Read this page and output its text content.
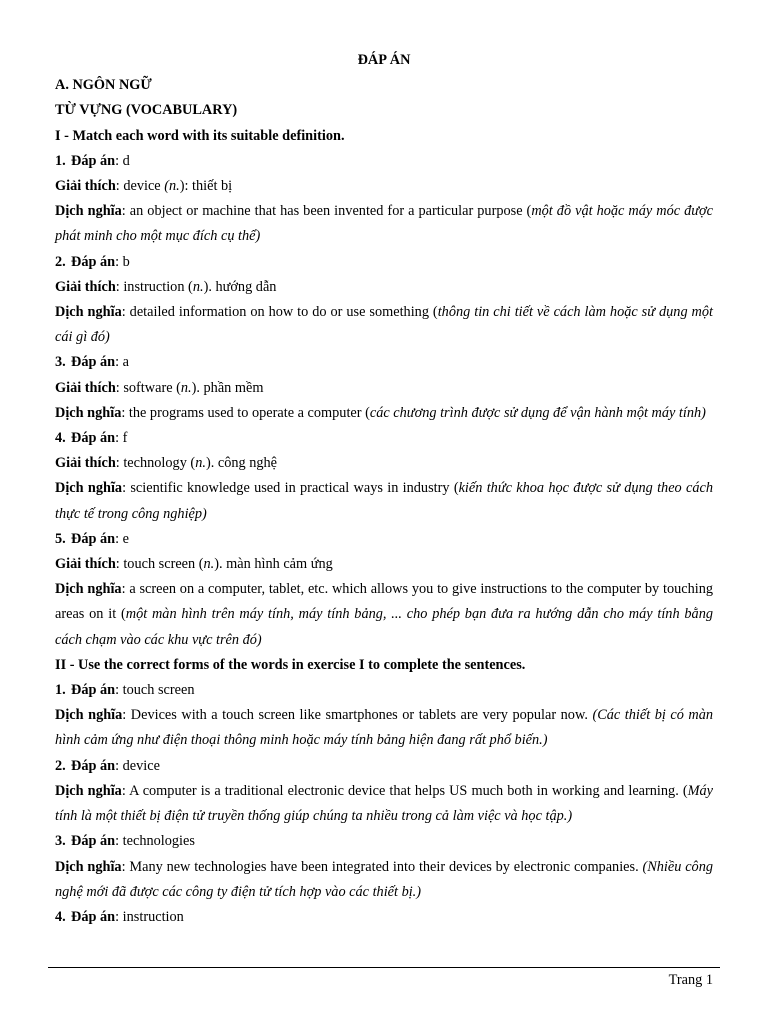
ĐÁP ÁN

A. NGÔN NGỮ

TỪ VỰNG (VOCABULARY)

I - Match each word with its suitable definition.

1. Đáp án: d

Giải thích: device (n.): thiết bị

Dịch nghĩa: an object or machine that has been invented for a particular purpose (một đồ vật hoặc máy móc được phát minh cho một mục đích cụ thể)

2. Đáp án: b

Giải thích: instruction (n.). hướng dẫn

Dịch nghĩa: detailed information on how to do or use something (thông tin chi tiết về cách làm hoặc sử dụng một cái gì đó)

3. Đáp án: a

Giải thích: software (n.). phần mềm

Dịch nghĩa: the programs used to operate a computer (các chương trình được sử dụng để vận hành một máy tính)

4. Đáp án: f

Giải thích: technology (n.). công nghệ

Dịch nghĩa: scientific knowledge used in practical ways in industry (kiến thức khoa học được sử dụng theo cách thực tế trong công nghiệp)

5. Đáp án: e

Giải thích: touch screen (n.). màn hình cảm ứng

Dịch nghĩa: a screen on a computer, tablet, etc. which allows you to give instructions to the computer by touching areas on it (một màn hình trên máy tính, máy tính bảng, ... cho phép bạn đưa ra hướng dẫn cho máy tính bằng cách chạm vào các khu vực trên đó)

II - Use the correct forms of the words in exercise I to complete the sentences.

1. Đáp án: touch screen

Dịch nghĩa: Devices with a touch screen like smartphones or tablets are very popular now. (Các thiết bị có màn hình cảm ứng như điện thoại thông minh hoặc máy tính bảng hiện đang rất phổ biến.)

2. Đáp án: device

Dịch nghĩa: A computer is a traditional electronic device that helps US much both in working and learning. (Máy tính là một thiết bị điện tử truyền thống giúp chúng ta nhiều trong cả làm việc và học tập.)

3. Đáp án: technologies

Dịch nghĩa: Many new technologies have been integrated into their devices by electronic companies. (Nhiều công nghệ mới đã được các công ty điện tử tích hợp vào các thiết bị.)

4. Đáp án: instruction

Trang 1
